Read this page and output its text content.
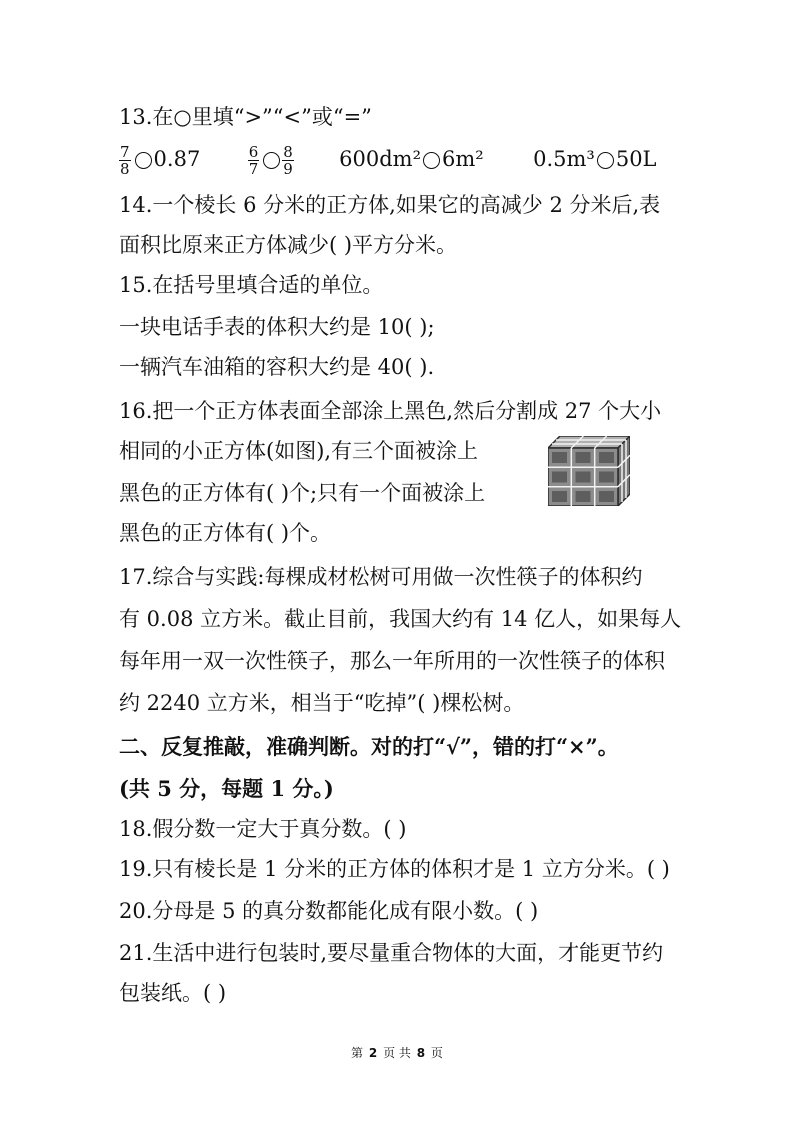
13.在○里填“>”“<”或“=”

$\frac{7}{8} 0.87$	$\frac{6}{7} \frac{8}{9} 600dm^2$ 6m² 0.5m³ 50L

14.一个棱长 6 分米的正方体,如果它的高减少 2 分米后,表

面积比原来正方体减少( )平方分米。

15.在括号里填合适的单位。

一块电话手表的体积大约是 10( );

一辆汽车油箱的容积大约是 40( ).

16.把一个正方体表面全部涂上黑色,然后分割成 27 个大小

相同的小正方体(如图),有三个面被涂上

黑色的正方体有( )个;只有一个面被涂上

黑色的正方体有( )个。

17.综合与实践:每棵成材松树可用做一次性筷子的体积约

有 0.08 立方米。截止目前，我国大约有 14 亿人，如果每人

每年用一双一次性筷子，那么一年所用的一次性筷子的体积

约 2240 立方米，相当于“吃掉”( )棵松树。

二、反复推敲，准确判断。对的打“√”，错的打“×”。

(共 5 分，每题 1 分。)

18.假分数一定大于真分数。( )

19.只有棱长是 1 分米的正方体的体积才是 1 立方分米。( )

20.分母是 5 的真分数都能化成有限小数。( )

21.生活中进行包装时,要尽量重合物体的大面，才能更节约

包装纸。( )

第 2 页 共 8 页
